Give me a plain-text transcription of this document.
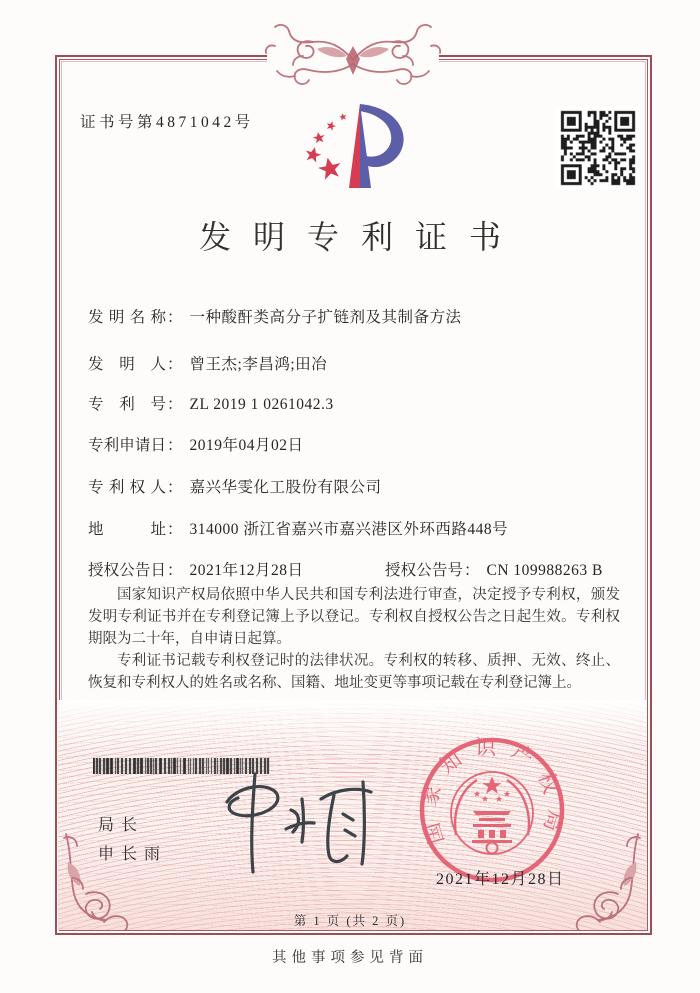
证书号第4871042号
发明专利证书
发明名称： 一种酸酐类高分子扩链剂及其制备方法
发明人： 曾王杰;李昌鸿;田冶
专利号： ZL 2019 1 0261042.3
专利申请日： 2019年04月02日
专利权人： 嘉兴华雯化工股份有限公司
地址： 314000 浙江省嘉兴市嘉兴港区外环西路448号
授权公告日： 2021年12月28日	授权公告号： CN 109988263 B

国家知识产权局依照中华人民共和国专利法进行审查，决定授予专利权，颁发发明专利证书并在专利登记簿上予以登记。专利权自授权公告之日起生效。专利权期限为二十年，自申请日起算。

专利证书记载专利权登记时的法律状况。专利权的转移、质押、无效、终止、恢复和专利权人的姓名或名称、国籍、地址变更等事项记载在专利登记簿上。

局长
申长雨
国家知识产权局
2021年12月28日
第 1 页 (共 2 页)
其他事项参见背面
